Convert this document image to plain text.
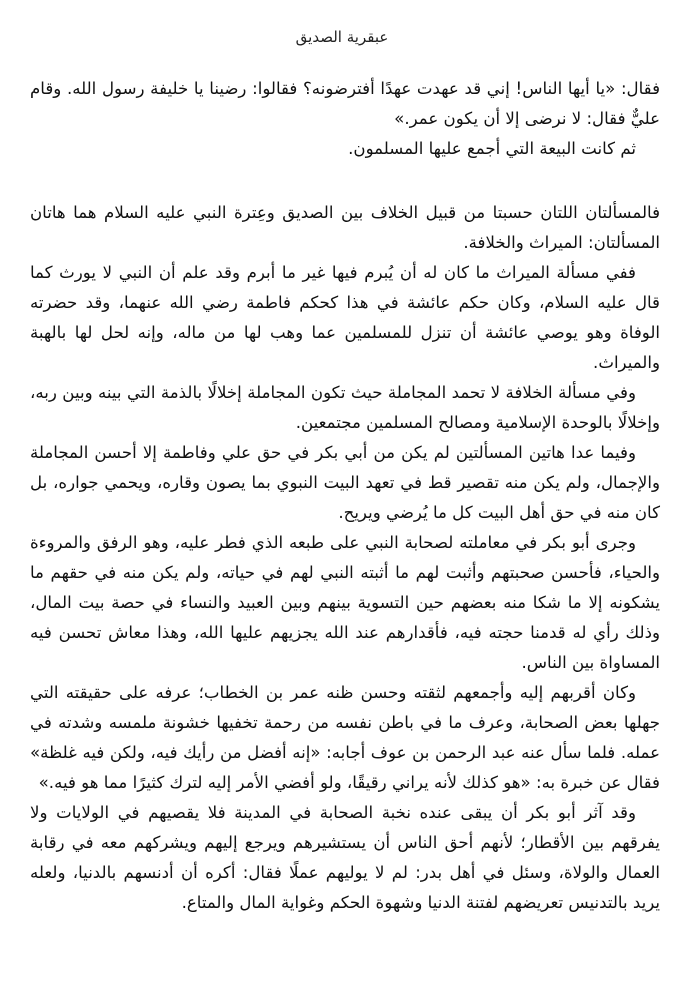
عبقرية الصديق

فقال: «يا أيها الناس! إني قد عهدت عهدًا أفترضونه؟ فقالوا: رضينا يا خليفة رسول الله. وقام عليٌّ فقال: لا نرضى إلا أن يكون عمر.»

ثم كانت البيعة التي أجمع عليها المسلمون.

فالمسألتان اللتان حسبتا من قبيل الخلاف بين الصديق وعِترة النبي عليه السلام هما هاتان المسألتان: الميراث والخلافة.

ففي مسألة الميراث ما كان له أن يُبرم فيها غير ما أبرم وقد علم أن النبي لا يورث كما قال عليه السلام، وكان حكم عائشة في هذا كحكم فاطمة رضي الله عنهما، وقد حضرته الوفاة وهو يوصي عائشة أن تنزل للمسلمين عما وهب لها من ماله، وإنه لحل لها بالهبة والميراث.

وفي مسألة الخلافة لا تحمد المجاملة حيث تكون المجاملة إخلالًا بالذمة التي بينه وبين ربه، وإخلالًا بالوحدة الإسلامية ومصالح المسلمين مجتمعين.

وفيما عدا هاتين المسألتين لم يكن من أبي بكر في حق علي وفاطمة إلا أحسن المجاملة والإجمال، ولم يكن منه تقصير قط في تعهد البيت النبوي بما يصون وقاره، ويحمي جواره، بل كان منه في حق أهل البيت كل ما يُرضي ويريح.

وجرى أبو بكر في معاملته لصحابة النبي على طبعه الذي فطر عليه، وهو الرفق والمروءة والحياء، فأحسن صحبتهم وأثبت لهم ما أثبته النبي لهم في حياته، ولم يكن منه في حقهم ما يشكونه إلا ما شكا منه بعضهم حين التسوية بينهم وبين العبيد والنساء في حصة بيت المال، وذلك رأي له قدمنا حجته فيه، فأقدارهم عند الله يجزيهم عليها الله، وهذا معاش تحسن فيه المساواة بين الناس.

وكان أقربهم إليه وأجمعهم لثقته وحسن ظنه عمر بن الخطاب؛ عرفه على حقيقته التي جهلها بعض الصحابة، وعرف ما في باطن نفسه من رحمة تخفيها خشونة ملمسه وشدته في عمله. فلما سأل عنه عبد الرحمن بن عوف أجابه: «إنه أفضل من رأيك فيه، ولكن فيه غلظة» فقال عن خبرة به: «هو كذلك لأنه يراني رقيقًا، ولو أفضي الأمر إليه لترك كثيرًا مما هو فيه.»

وقد آثر أبو بكر أن يبقى عنده نخبة الصحابة في المدينة فلا يقصيهم في الولايات ولا يفرقهم بين الأقطار؛ لأنهم أحق الناس أن يستشيرهم ويرجع إليهم ويشركهم معه في رقابة العمال والولاة، وسئل في أهل بدر: لم لا يوليهم عملًا فقال: أكره أن أدنسهم بالدنيا، ولعله يريد بالتدنيس تعريضهم لفتنة الدنيا وشهوة الحكم وغواية المال والمتاع.
